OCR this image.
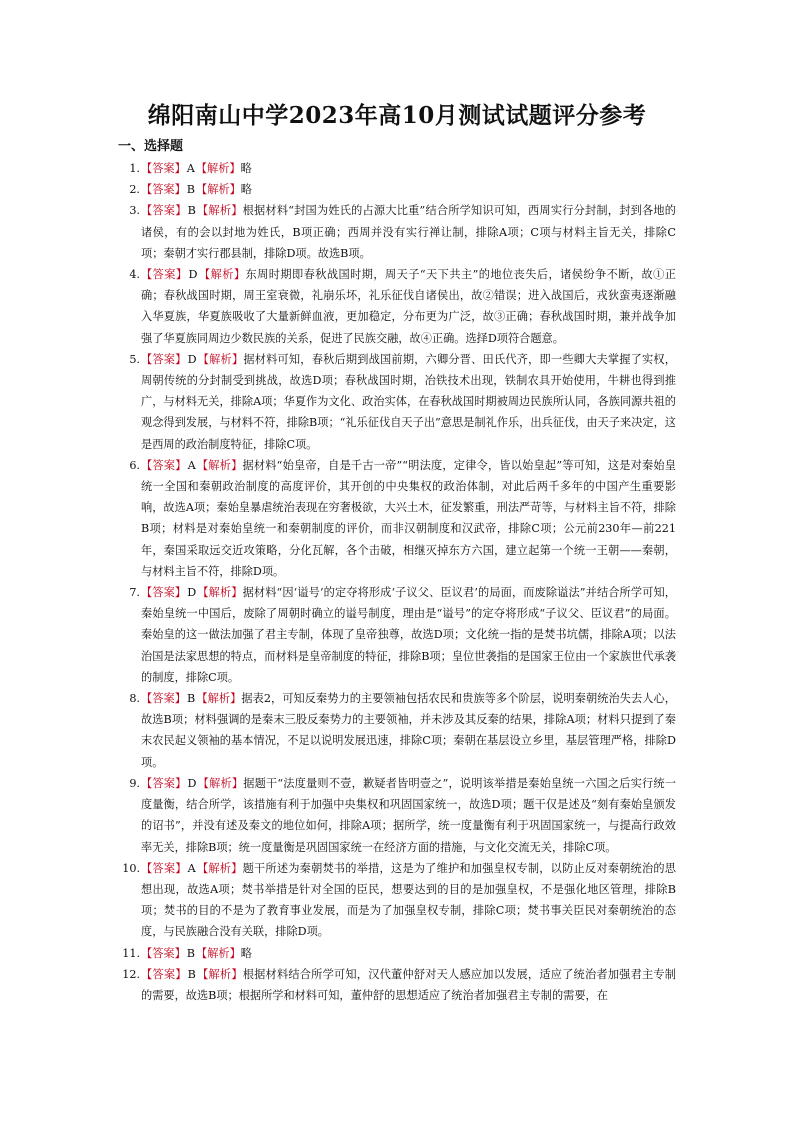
绵阳南山中学2023年高10月测试试题评分参考
一、选择题
1. 【答案】A【解析】略
2. 【答案】B【解析】略
3. 【答案】B【解析】根据材料“封国为姓氏的占源大比重”结合所学知识可知，西周实行分封制，封到各地的诸侯，有的会以封地为姓氏，B项正确；西周并没有实行禅让制，排除A项；C项与材料主旨无关，排除C项；秦朝才实行郡县制，排除D项。故选B项。
4. 【答案】D【解析】东周时期即春秋战国时期，周天子“天下共主”的地位丧失后，诸侯纷争不断，故①正确；春秋战国时期，周王室衰微，礼崩乐坏，礼乐征伐自诸侯出，故②错误；进入战国后，戎狄蛮夷逐渐融入华夏族，华夏族吸收了大量新鲜血液，更加稳定，分布更为广泛，故③正确；春秋战国时期，兼并战争加强了华夏族同周边少数民族的关系，促进了民族交融，故④正确。选择D项符合题意。
5. 【答案】D【解析】据材料可知，春秋后期到战国前期，六卿分晋、田氏代齐，即一些卿大夫掌握了实权，周朝传统的分封制受到挑战，故选D项；春秋战国时期，冶铁技术出现，铁制农具开始使用，牛耕也得到推广，与材料无关，排除A项；华夏作为文化、政治实体，在春秋战国时期被周边民族所认同，各族同源共祖的观念得到发展，与材料不符，排除B项；“礼乐征伐自天子出”意思是制礼作乐，出兵征伐，由天子来决定，这是西周的政治制度特征，排除C项。
6. 【答案】A【解析】据材料“始皇帝，自是千古一帝”“明法度，定律令，皆以始皇起”等可知，这是对秦始皇统一全国和秦朝政治制度的高度评价，其开创的中央集权的政治体制，对此后两千多年的中国产生重要影响，故选A项；秦始皇暴虐统治表现在穷奢极欲，大兴土木，征发繁重，刑法严苛等，与材料主旨不符，排除B项；材料是对秦始皇统一和秦朝制度的评价，而非汉朝制度和汉武帝，排除C项；公元前230年—前221年，秦国采取远交近攻策略，分化瓦解，各个击破，相继灭掉东方六国，建立起第一个统一王朝——秦朝，与材料主旨不符，排除D项。
7. 【答案】D【解析】据材料“因‘谥号’的定夺将形成‘子议父、臣议君’的局面，而废除谥法”并结合所学可知，秦始皇统一中国后，废除了周朝时确立的谥号制度，理由是“谥号”的定夺将形成“子议父、臣议君”的局面。秦始皇的这一做法加强了君主专制，体现了皇帝独尊，故选D项；文化统一指的是焚书坑儒，排除A项；以法治国是法家思想的特点，而材料是皇帝制度的特征，排除B项；皇位世袭指的是国家王位由一个家族世代承袭的制度，排除C项。
8. 【答案】B【解析】据表2，可知反秦势力的主要领袖包括农民和贵族等多个阶层，说明秦朝统治失去人心，故选B项；材料强调的是秦末三股反秦势力的主要领袖，并未涉及其反秦的结果，排除A项；材料只提到了秦末农民起义领袖的基本情况，不足以说明发展迅速，排除C项；秦朝在基层设立乡里，基层管理严格，排除D项。
9. 【答案】D【解析】据题干“法度量则不壹，歉疑者皆明壹之”，说明该举措是秦始皇统一六国之后实行统一度量衡，结合所学，该措施有利于加强中央集权和巩固国家统一，故选D项；题干仅是述及“刻有秦始皇颁发的诏书”，并没有述及秦文的地位如何，排除A项；据所学，统一度量衡有利于巩固国家统一，与提高行政效率无关，排除B项；统一度量衡是巩固国家统一在经济方面的措施，与文化交流无关，排除C项。
10. 【答案】A【解析】题干所述为秦朝焚书的举措，这是为了维护和加强皇权专制，以防止反对秦朝统治的思想出现，故选A项；焚书举措是针对全国的臣民，想要达到的目的是加强皇权，不是强化地区管理，排除B项；焚书的目的不是为了教育事业发展，而是为了加强皇权专制，排除C项；焚书事关臣民对秦朝统治的态度，与民族融合没有关联，排除D项。
11. 【答案】B【解析】略
12. 【答案】B【解析】根据材料结合所学可知，汉代董仲舒对天人感应加以发展，适应了统治者加强君主专制的需要，故选B项；根据所学和材料可知，董仲舒的思想适应了统治者加强君主专制的需要，在
